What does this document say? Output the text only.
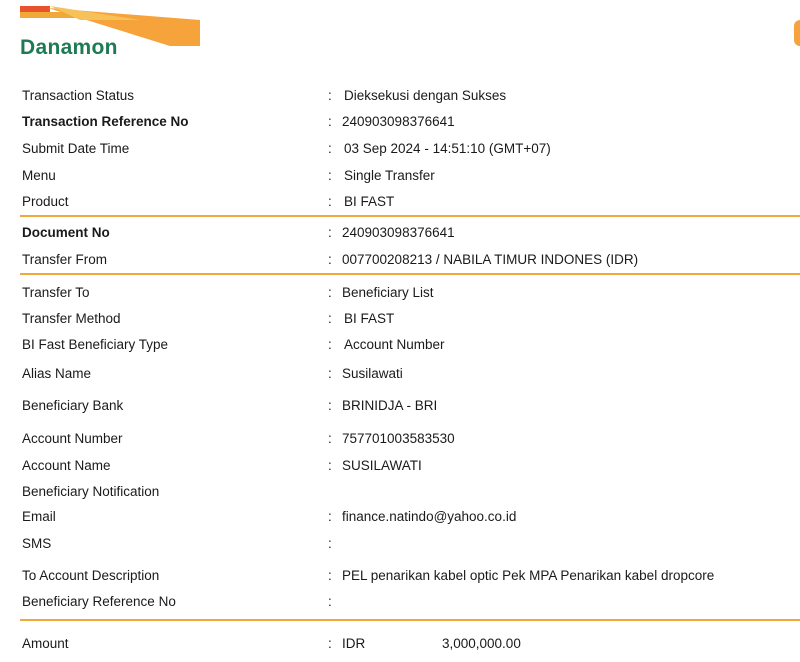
Danamon
Transaction Status	: Dieksekusi dengan Sukses
Transaction Reference No	: 240903098376641
Submit Date Time	: 03 Sep 2024 - 14:51:10 (GMT+07)
Menu	: Single Transfer
Product	: BI FAST
Document No	: 240903098376641
Transfer From	: 007700208213 / NABILA TIMUR INDONES (IDR)
Transfer To	: Beneficiary List
Transfer Method	: BI FAST
BI Fast Beneficiary Type	: Account Number
Alias Name	: Susilawati
Beneficiary Bank	: BRINIDJA - BRI
Account Number	: 757701003583530
Account Name	: SUSILAWATI
Beneficiary Notification
Email	: finance.natindo@yahoo.co.id
SMS	:
To Account Description	: PEL penarikan kabel optic Pek MPA Penarikan kabel dropcore
Beneficiary Reference No	:
Amount	: IDR	3,000,000.00
